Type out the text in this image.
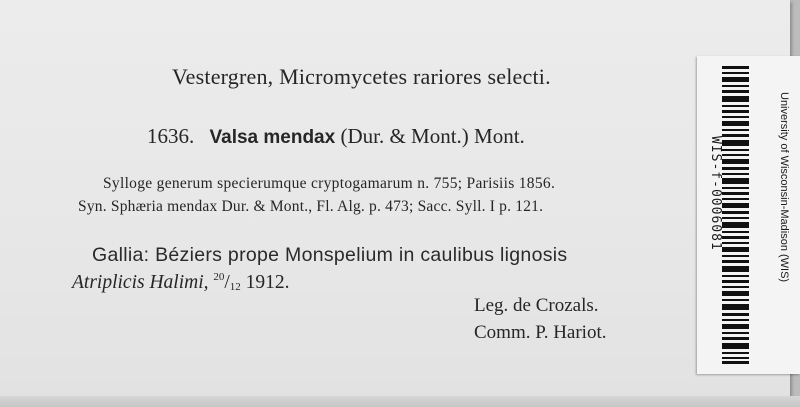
Vestergren, Micromycetes rariores selecti.
1636. Valsa mendax (Dur. & Mont.) Mont.
Sylloge generum specierumque cryptogamarum n. 755; Parisiis 1856.
Syn. Sphæria mendax Dur. & Mont., Fl. Alg. p. 473; Sacc. Syll. I p. 121.
Gallia: Béziers prope Monspelium in caulibus lignosis
Atriplicis Halimi, $^{20}/_{12}$ 1912.
Leg. de Crozals.
Comm. P. Hariot.
WIS-f-0006081	University of Wisconsin-Madison (WIS)
